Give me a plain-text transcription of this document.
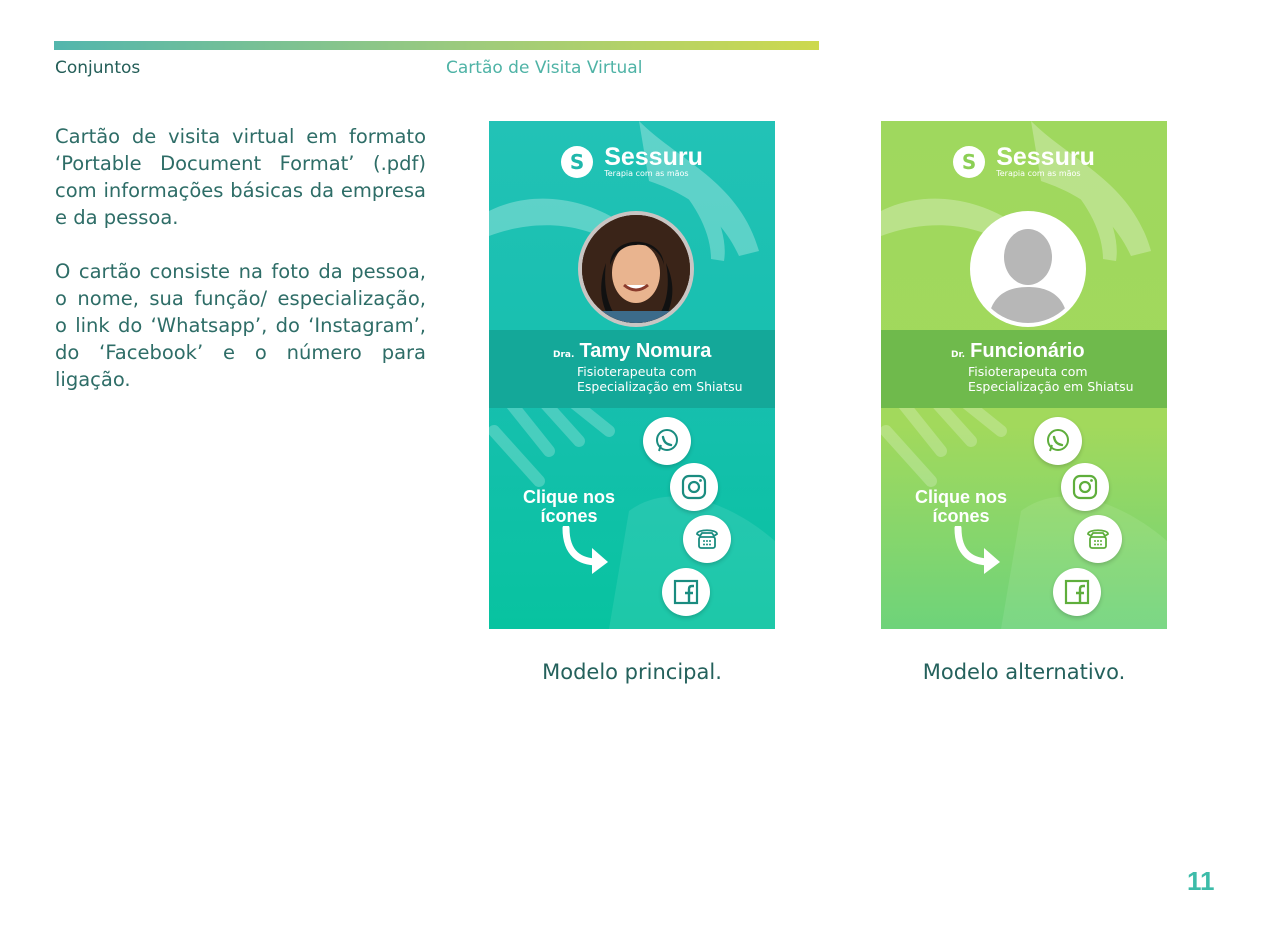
Conjuntos	Cartão de Visita Virtual

Cartão de visita virtual em formato ‘Portable Document Format’ (.pdf) com informações básicas da empresa e da pessoa.

O cartão consiste na foto da pessoa, o nome, sua função/ especialização, o link do ‘Whatsapp’, do ‘Instagram’, do ‘Facebook’ e o número para ligação.

S
Sessuru
Terapia com as mãos
Dra. Tamy Nomura
Fisioterapeuta com
Especialização em Shiatsu
Clique nos
ícones
S
Sessuru
Terapia com as mãos
Dr. Funcionário
Fisioterapeuta com
Especialização em Shiatsu
Clique nos
ícones
Modelo principal.	Modelo alternativo.
11
